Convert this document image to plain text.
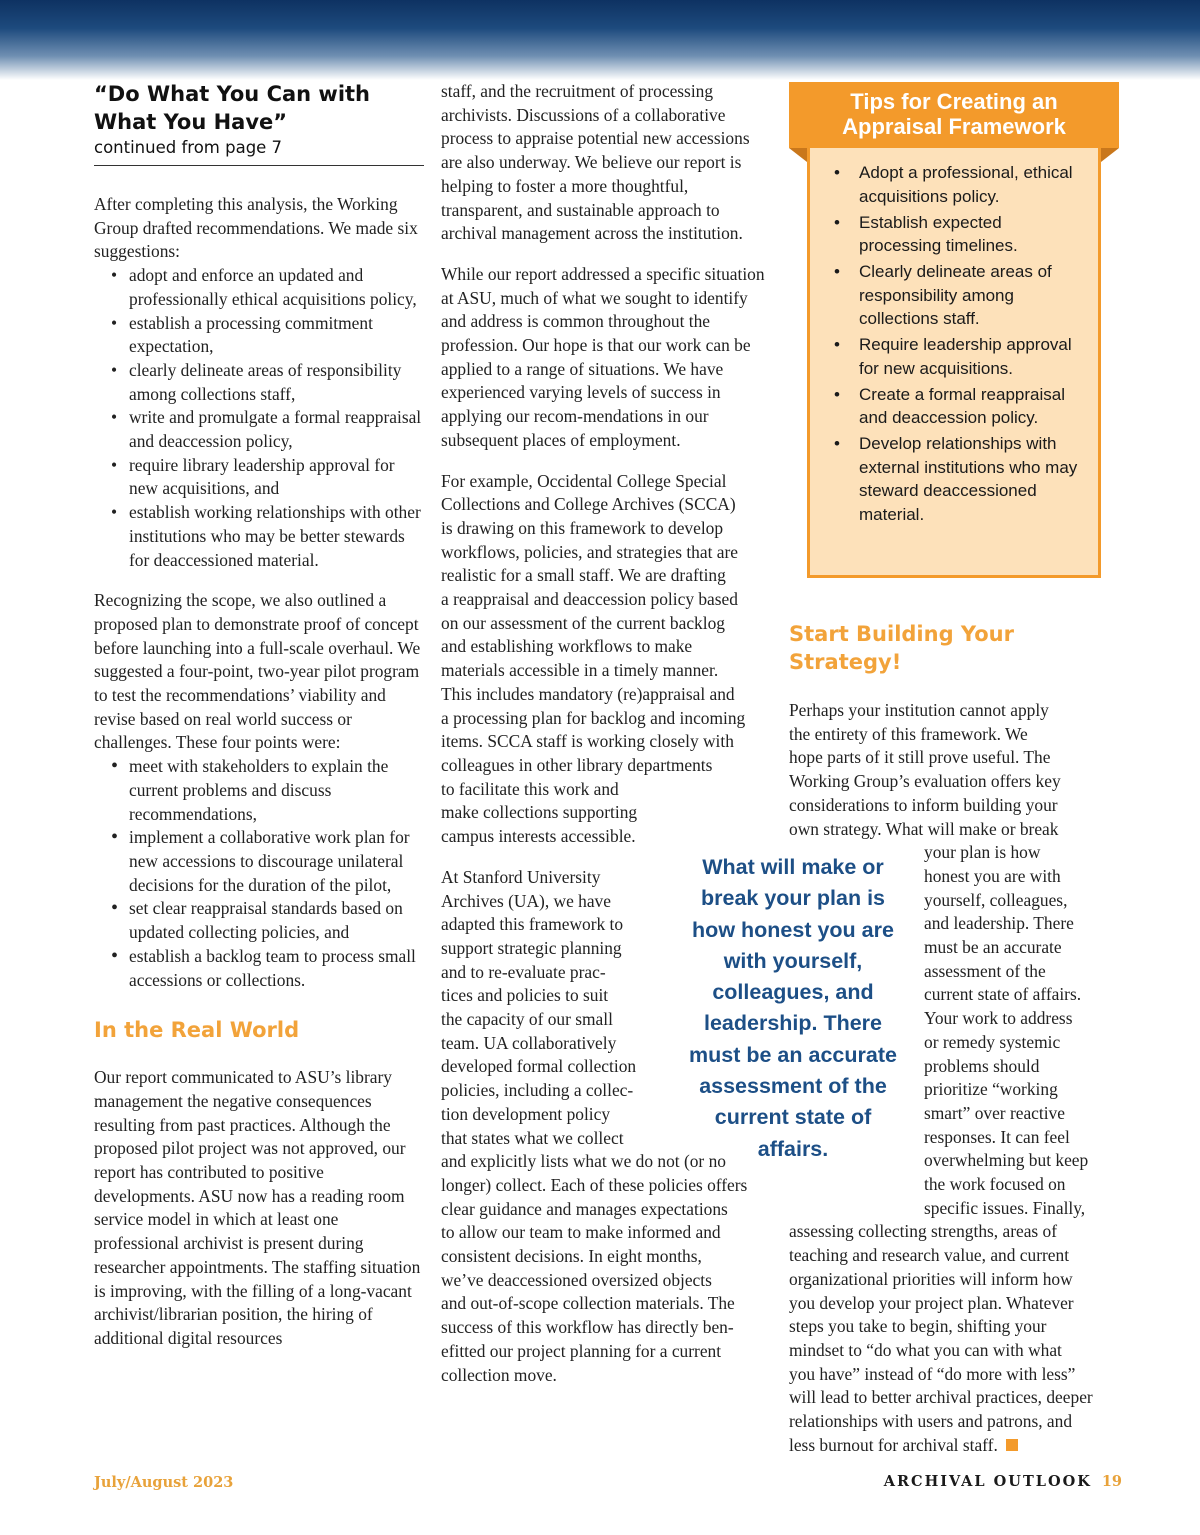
“Do What You Can with What You Have”
continued from page 7

After completing this analysis, the Working Group drafted recommendations. We made six suggestions:

• adopt and enforce an updated and professionally ethical acquisitions policy,
• establish a processing commitment expectation,
• clearly delineate areas of responsibility among collections staff,
• write and promulgate a formal reappraisal and deaccession policy,
• require library leadership approval for new acquisitions, and
• establish working relationships with other institutions who may be better stewards for deaccessioned material.

Recognizing the scope, we also outlined a proposed plan to demonstrate proof of concept before launching into a full-scale overhaul. We suggested a four-point, two-year pilot program to test the recommendations’ viability and revise based on real world success or challenges. These four points were:

• meet with stakeholders to explain the current problems and discuss recommendations,
• implement a collaborative work plan for new accessions to discourage unilateral decisions for the duration of the pilot,
• set clear reappraisal standards based on updated collecting policies, and
• establish a backlog team to process small accessions or collections.
In the Real World

Our report communicated to ASU’s library management the negative consequences resulting from past practices. Although the proposed pilot project was not approved, our report has contributed to positive developments. ASU now has a reading room service model in which at least one professional archivist is present during researcher appointments. The staffing situation is improving, with the filling of a long-vacant archivist/librarian position, the hiring of additional digital resources

staff, and the recruitment of processing archivists. Discussions of a collaborative process to appraise potential new accessions are also underway. We believe our report is helping to foster a more thoughtful, transparent, and sustainable approach to archival management across the institution.

While our report addressed a specific situation at ASU, much of what we sought to identify and address is common throughout the profession. Our hope is that our work can be applied to a range of situations. We have experienced varying levels of success in applying our recom-mendations in our subsequent places of employment.

For example, Occidental College Special
Collections and College Archives (SCCA)
is drawing on this framework to develop
workflows, policies, and strategies that are
realistic for a small staff. We are drafting
a reappraisal and deaccession policy based
on our assessment of the current backlog
and establishing workflows to make
materials accessible in a timely manner.
This includes mandatory (re)appraisal and
a processing plan for backlog and incoming
items. SCCA staff is working closely with
colleagues in other library departments
to facilitate this work and
make collections supporting
campus interests accessible.

At Stanford University
Archives (UA), we have
adapted this framework to
support strategic planning
and to re-evaluate prac-
tices and policies to suit
the capacity of our small
team. UA collaboratively
developed formal collection
policies, including a collec-
tion development policy
that states what we collect
and explicitly lists what we do not (or no
longer) collect. Each of these policies offers
clear guidance and manages expectations
to allow our team to make informed and
consistent decisions. In eight months,
we’ve deaccessioned oversized objects
and out-of-scope collection materials. The
success of this workflow has directly ben-
efitted our project planning for a current
collection move.

Tips for Creating an
Appraisal Framework
• Adopt a professional, ethical acquisitions policy.
• Establish expected processing timelines.
• Clearly delineate areas of responsibility among collections staff.
• Require leadership approval for new acquisitions.
• Create a formal reappraisal and deaccession policy.
• Develop relationships with external institutions who may steward deaccessioned material.
Start Building Your Strategy!
Perhaps your institution cannot apply
the entirety of this framework. We
hope parts of it still prove useful. The
Working Group’s evaluation offers key
considerations to inform building your
own strategy. What will make or break
your plan is how
honest you are with
yourself, colleagues,
and leadership. There
must be an accurate
assessment of the
current state of affairs.
Your work to address
or remedy systemic
problems should
prioritize “working
smart” over reactive
responses. It can feel
overwhelming but keep
the work focused on
specific issues. Finally,
assessing collecting strengths, areas of
teaching and research value, and current
organizational priorities will inform how
you develop your project plan. Whatever
steps you take to begin, shifting your
mindset to “do what you can with what
you have” instead of “do more with less”
will lead to better archival practices, deeper
relationships with users and patrons, and
less burnout for archival staff.
What will make or break your plan is how honest you are with yourself, colleagues, and leadership. There must be an accurate assessment of the current state of affairs.
July/August 2023	ARCHIVAL OUTLOOK 19
